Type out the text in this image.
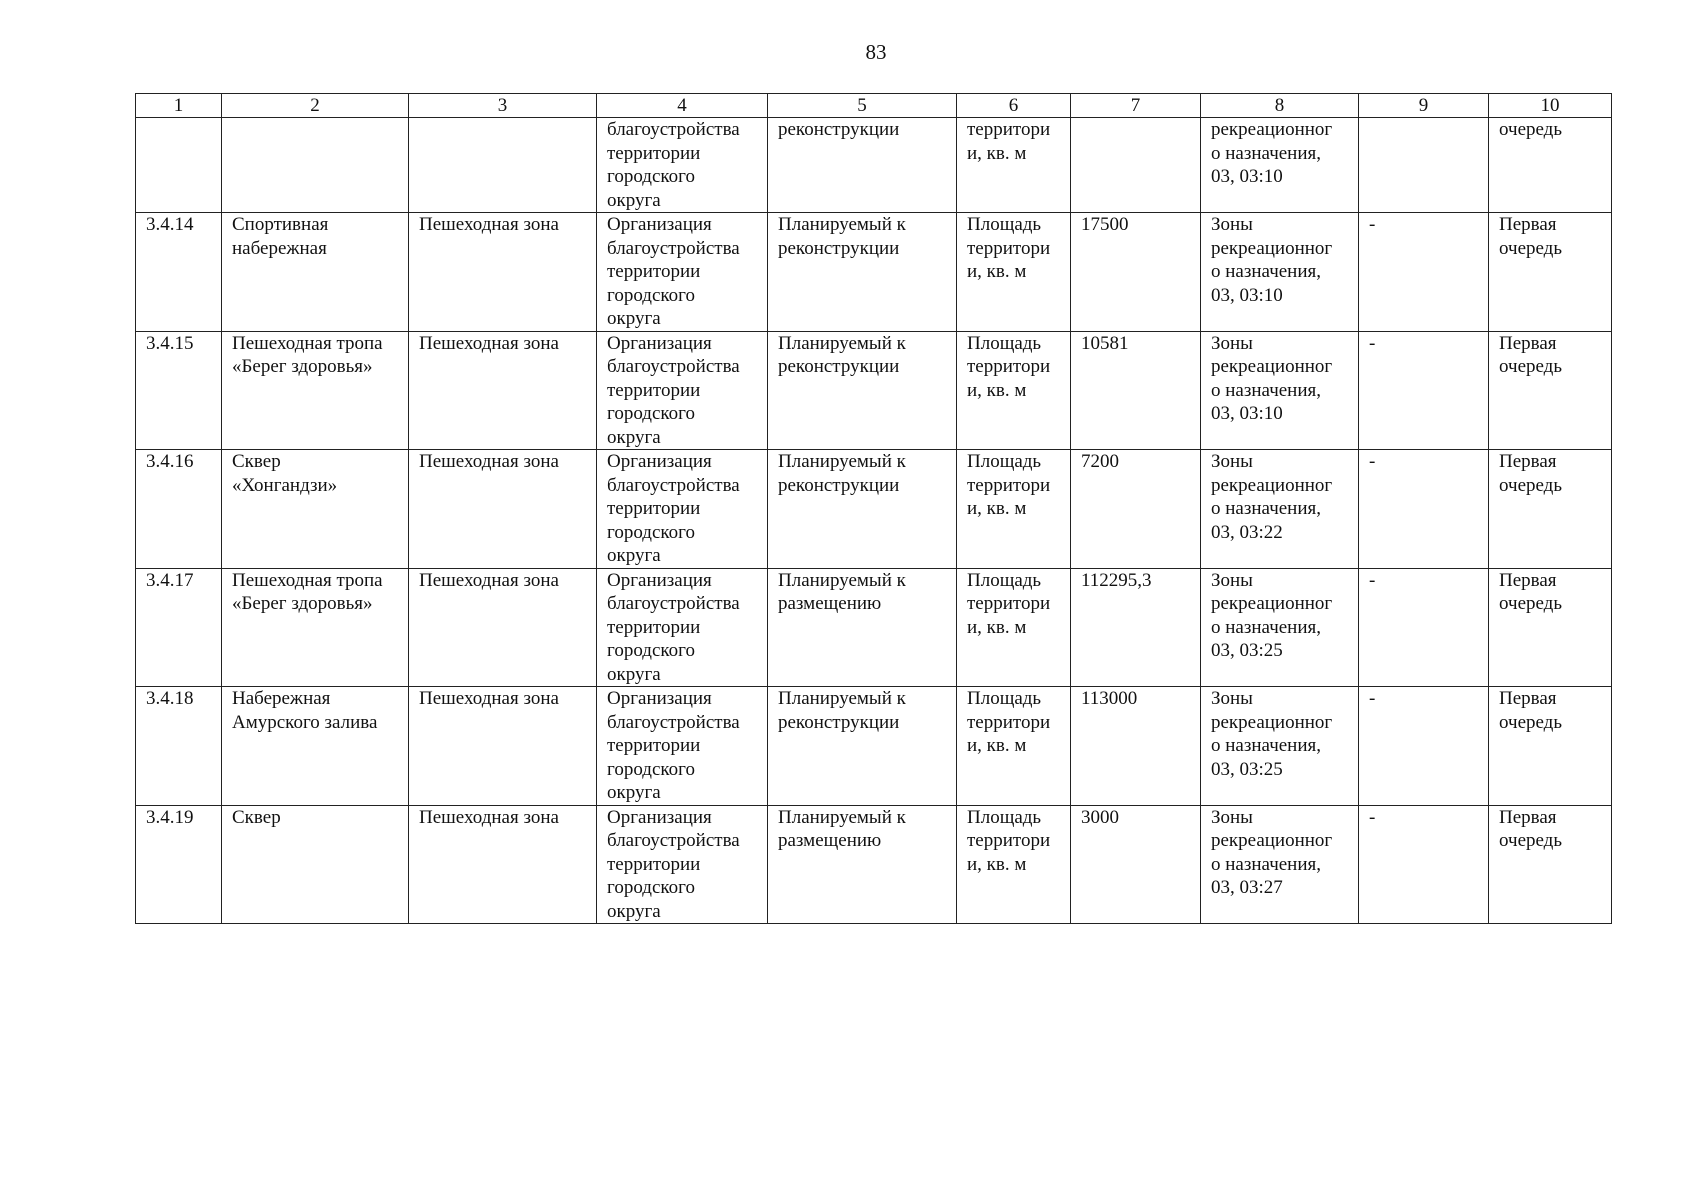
83
1	2	3	4	5	6	7	8	9	10

			благоустройства
территории
городского
округа	реконструкции	территори
и, кв. м		рекреационног
о назначения,
03, 03:10		очередь

3.4.14	Спортивная
набережная	Пешеходная зона	Организация
благоустройства
территории
городского
округа	Планируемый к
реконструкции	Площадь
территори
и, кв. м	17500	Зоны
рекреационног
о назначения,
03, 03:10	-	Первая
очередь

3.4.15	Пешеходная тропа
«Берег здоровья»	Пешеходная зона	Организация
благоустройства
территории
городского
округа	Планируемый к
реконструкции	Площадь
территори
и, кв. м	10581	Зоны
рекреационног
о назначения,
03, 03:10	-	Первая
очередь

3.4.16	Сквер
«Хонгандзи»	Пешеходная зона	Организация
благоустройства
территории
городского
округа	Планируемый к
реконструкции	Площадь
территори
и, кв. м	7200	Зоны
рекреационног
о назначения,
03, 03:22	-	Первая
очередь

3.4.17	Пешеходная тропа
«Берег здоровья»	Пешеходная зона	Организация
благоустройства
территории
городского
округа	Планируемый к
размещению	Площадь
территори
и, кв. м	112295,3	Зоны
рекреационног
о назначения,
03, 03:25	-	Первая
очередь

3.4.18	Набережная
Амурского залива	Пешеходная зона	Организация
благоустройства
территории
городского
округа	Планируемый к
реконструкции	Площадь
территори
и, кв. м	113000	Зоны
рекреационног
о назначения,
03, 03:25	-	Первая
очередь

3.4.19	Сквер	Пешеходная зона	Организация
благоустройства
территории
городского
округа	Планируемый к
размещению	Площадь
территори
и, кв. м	3000	Зоны
рекреационног
о назначения,
03, 03:27	-	Первая
очередь
